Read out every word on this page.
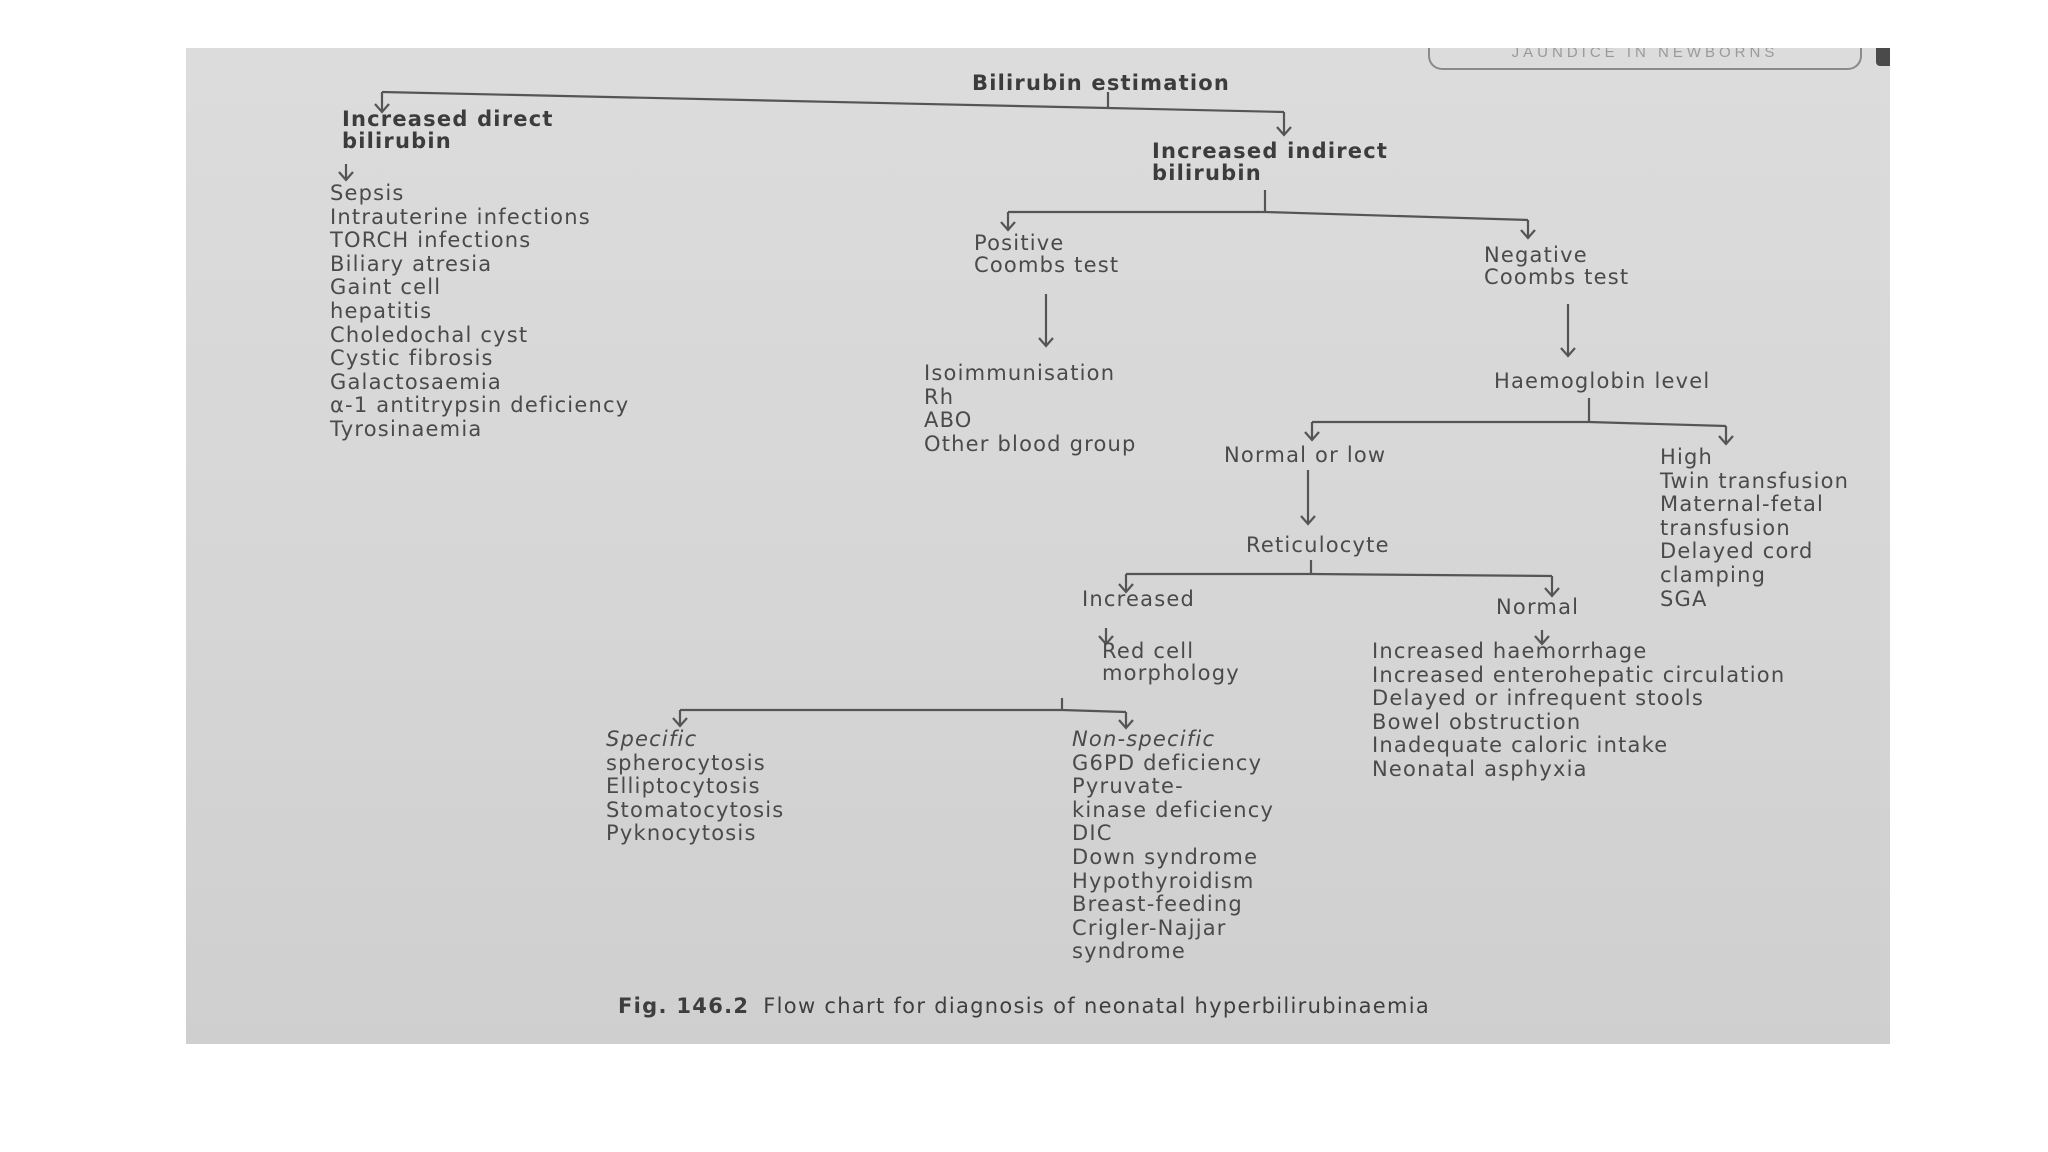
JAUNDICE IN NEWBORNS

Bilirubin estimation

Increased direct
bilirubin	Increased indirect
bilirubin

Sepsis
Intrauterine infections
TORCH infections
Biliary atresia
Gaint cell
hepatitis
Choledochal cyst
Cystic fibrosis
Galactosaemia
α-1 antitrypsin deficiency
Tyrosinaemia

Positive
Coombs test	Negative
Coombs test

Isoimmunisation
Rh
ABO
Other blood group

Haemoglobin level

Normal or low	High
Twin transfusion
Maternal-fetal
transfusion
Delayed cord
clamping
SGA

Reticulocyte

Increased	Normal

Red cell
morphology

Increased haemorrhage
Increased enterohepatic circulation
Delayed or infrequent stools
Bowel obstruction
Inadequate caloric intake
Neonatal asphyxia
Specific
spherocytosis
Elliptocytosis
Stomatocytosis
Pyknocytosis
Non-specific
G6PD deficiency
Pyruvate-
kinase deficiency
DIC
Down syndrome
Hypothyroidism
Breast-feeding
Crigler-Najjar
syndrome
Fig. 146.2 Flow chart for diagnosis of neonatal hyperbilirubinaemia
